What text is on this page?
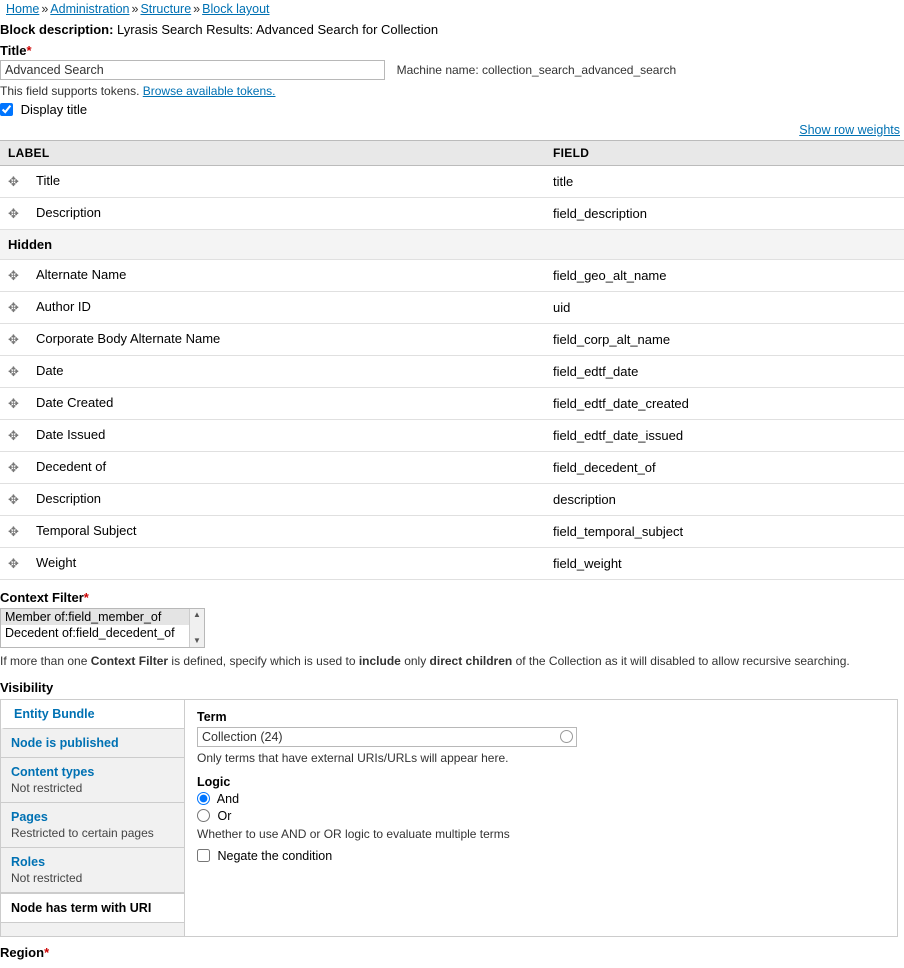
Home » Administration » Structure » Block layout
Block description: Lyrasis Search Results: Advanced Search for Collection
Title*
Advanced Search Machine name: collection_search_advanced_search
This field supports tokens. Browse available tokens.
Display title
Show row weights
LABEL	FIELD
✥ Title	title
✥ Description	field_description
Hidden	
✥ Alternate Name	field_geo_alt_name
✥ Author ID	uid
✥ Corporate Body Alternate Name	field_corp_alt_name
✥ Date	field_edtf_date
✥ Date Created	field_edtf_date_created
✥ Date Issued	field_edtf_date_issued
✥ Decedent of	field_decedent_of
✥ Description	description
✥ Temporal Subject	field_temporal_subject
✥ Weight	field_weight
Context Filter*
Member of:field_member_of
Decedent of:field_decedent_of
▲
▼
If more than one Context Filter is defined, specify which is used to include only direct children of the Collection as it will disabled to allow recursive searching.
Visibility
Entity Bundle
Node is published
Content types
Not restricted
Pages
Restricted to certain pages
Roles
Not restricted
Node has term with URI
Term
Collection (24)
Only terms that have external URIs/URLs will appear here.
Logic
And
Or
Whether to use AND or OR logic to evaluate multiple terms
Negate the condition
Region*
